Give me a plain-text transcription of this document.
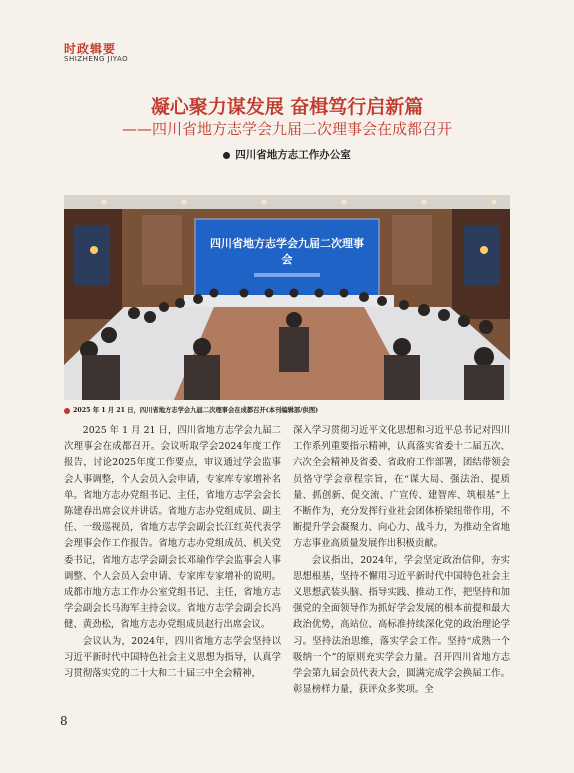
时政辑要
SHIZHENG JIYAO
凝心聚力谋发展 奋楫笃行启新篇
——四川省地方志学会九届二次理事会在成都召开
四川省地方志工作办公室
四川省地方志学会九届二次理事会
2025 年 1 月 21 日，四川省地方志学会九届二次理事会在成都召开(本刊编辑部/供图)

2025 年 1 月 21 日，四川省地方志学会九届二次理事会在成都召开。会议听取学会2024年度工作报告，讨论2025年度工作要点，审议通过学会监事会人事调整，个人会员入会申请，专家库专家增补名单。省地方志办党组书记、主任，省地方志学会会长陈建春出席会议并讲话。省地方志办党组成员、副主任、一级巡视员，省地方志学会副会长江红英代表学会理事会作工作报告。省地方志办党组成员、机关党委书记，省地方志学会副会长邓瑜作学会监事会人事调整、个人会员入会申请、专家库专家增补的说明。成都市地方志工作办公室党组书记、主任，省地方志学会副会长马海军主持会议。省地方志学会副会长冯健、黄劲松，省地方志办党组成员赵行出席会议。

会议认为，2024年，四川省地方志学会坚持以习近平新时代中国特色社会主义思想为指导，认真学习贯彻落实党的二十大和二十届三中全会精神，

深入学习贯彻习近平文化思想和习近平总书记对四川工作系列重要指示精神，认真落实省委十二届五次、六次全会精神及省委、省政府工作部署，团结带领会员恪守学会章程宗旨，在“谋大局、强法治、提质量、抓创新、促交流、广宣传、建智库、筑根基”上不断作为，充分发挥行业社会团体桥梁纽带作用，不断提升学会凝聚力、向心力、战斗力，为推动全省地方志事业高质量发展作出积极贡献。

会议指出，2024年，学会坚定政治信仰，夯实思想根基，坚持不懈用习近平新时代中国特色社会主义思想武装头脑、指导实践、推动工作，把坚持和加强党的全面领导作为抓好学会发展的根本前提和最大政治优势，高站位、高标准持续深化党的政治理论学习。坚持法治思维，落实学会工作。坚持“成熟一个吸纳一个”的原则充实学会力量。召开四川省地方志学会第九届会员代表大会，圆满完成学会换届工作。彰显榜样力量，获评众多奖项。全

8
